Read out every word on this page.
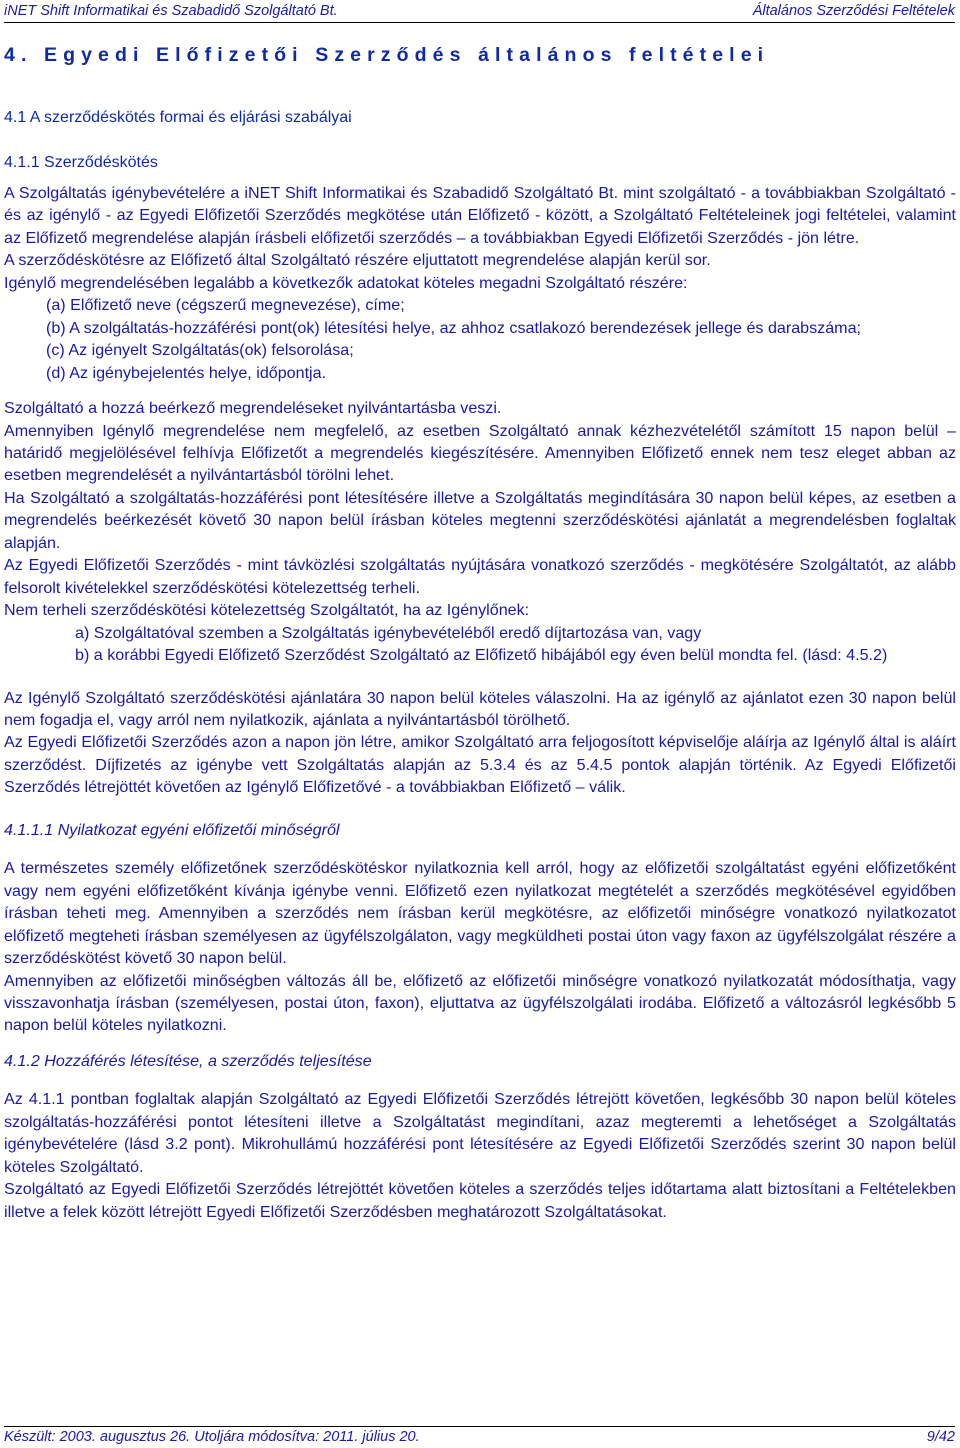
iNET Shift Informatikai és Szabadidő Szolgáltató Bt.	Általános Szerződési Feltételek
4. Egyedi Előfizetői Szerződés általános feltételei
4.1 A szerződéskötés formai és eljárási szabályai
4.1.1 Szerződéskötés

A Szolgáltatás igénybevételére a iNET Shift Informatikai és Szabadidő Szolgáltató Bt. mint szolgáltató - a továbbiakban Szolgáltató - és az igénylő - az Egyedi Előfizetői Szerződés megkötése után Előfizető - között, a Szolgáltató Feltételeinek jogi feltételei, valamint az Előfizető megrendelése alapján írásbeli előfizetői szerződés – a továbbiakban Egyedi Előfizetői Szerződés - jön létre.

A szerződéskötésre az Előfizető által Szolgáltató részére eljuttatott megrendelése alapján kerül sor.

Igénylő megrendelésében legalább a következők adatokat köteles megadni Szolgáltató részére:

(a) Előfizető neve (cégszerű megnevezése), címe;
(b) A szolgáltatás-hozzáférési pont(ok) létesítési helye, az ahhoz csatlakozó berendezések jellege és darabszáma;
(c) Az igényelt Szolgáltatás(ok) felsorolása;
(d) Az igénybejelentés helye, időpontja.

Szolgáltató a hozzá beérkező megrendeléseket nyilvántartásba veszi.

Amennyiben Igénylő megrendelése nem megfelelő, az esetben Szolgáltató annak kézhezvételétől számított 15 napon belül – határidő megjelölésével felhívja Előfizetőt a megrendelés kiegészítésére. Amennyiben Előfizető ennek nem tesz eleget abban az esetben megrendelését a nyilvántartásból törölni lehet.

Ha Szolgáltató a szolgáltatás-hozzáférési pont létesítésére illetve a Szolgáltatás megindítására 30 napon belül képes, az esetben a megrendelés beérkezését követő 30 napon belül írásban köteles megtenni szerződéskötési ajánlatát a megrendelésben foglaltak alapján.

Az Egyedi Előfizetői Szerződés - mint távközlési szolgáltatás nyújtására vonatkozó szerződés - megkötésére Szolgáltatót, az alább felsorolt kivételekkel szerződéskötési kötelezettség terheli.

Nem terheli szerződéskötési kötelezettség Szolgáltatót, ha az Igénylőnek:

a) Szolgáltatóval szemben a Szolgáltatás igénybevételéből eredő díjtartozása van, vagy
b) a korábbi Egyedi Előfizető Szerződést Szolgáltató az Előfizető hibájából egy éven belül mondta fel. (lásd: 4.5.2)

Az Igénylő Szolgáltató szerződéskötési ajánlatára 30 napon belül köteles válaszolni. Ha az igénylő az ajánlatot ezen 30 napon belül nem fogadja el, vagy arról nem nyilatkozik, ajánlata a nyilvántartásból törölhető.

Az Egyedi Előfizetői Szerződés azon a napon jön létre, amikor Szolgáltató arra feljogosított képviselője aláírja az Igénylő által is aláírt szerződést. Díjfizetés az igénybe vett Szolgáltatás alapján az 5.3.4 és az 5.4.5 pontok alapján történik. Az Egyedi Előfizetői Szerződés létrejöttét követően az Igénylő Előfizetővé - a továbbiakban Előfizető – válik.

4.1.1.1 Nyilatkozat egyéni előfizetői minőségről

A természetes személy előfizetőnek szerződéskötéskor nyilatkoznia kell arról, hogy az előfizetői szolgáltatást egyéni előfizetőként vagy nem egyéni előfizetőként kívánja igénybe venni. Előfizető ezen nyilatkozat megtételét a szerződés megkötésével egyidőben írásban teheti meg. Amennyiben a szerződés nem írásban kerül megkötésre, az előfizetői minőségre vonatkozó nyilatkozatot előfizető megteheti írásban személyesen az ügyfélszolgálaton, vagy megküldheti postai úton vagy faxon az ügyfélszolgálat részére a szerződéskötést követő 30 napon belül.

Amennyiben az előfizetői minőségben változás áll be, előfizető az előfizetői minőségre vonatkozó nyilatkozatát módosíthatja, vagy visszavonhatja írásban (személyesen, postai úton, faxon), eljuttatva az ügyfélszolgálati irodába. Előfizető a változásról legkésőbb 5 napon belül köteles nyilatkozni.

4.1.2 Hozzáférés létesítése, a szerződés teljesítése

Az 4.1.1 pontban foglaltak alapján Szolgáltató az Egyedi Előfizetői Szerződés létrejött követően, legkésőbb 30 napon belül köteles szolgáltatás-hozzáférési pontot létesíteni illetve a Szolgáltatást megindítani, azaz megteremti a lehetőséget a Szolgáltatás igénybevételére (lásd 3.2 pont). Mikrohullámú hozzáférési pont létesítésére az Egyedi Előfizetői Szerződés szerint 30 napon belül köteles Szolgáltató.

Szolgáltató az Egyedi Előfizetői Szerződés létrejöttét követően köteles a szerződés teljes időtartama alatt biztosítani a Feltételekben illetve a felek között létrejött Egyedi Előfizetői Szerződésben meghatározott Szolgáltatásokat.

Készült: 2003. augusztus 26. Utoljára módosítva: 2011. július 20.	9/42
